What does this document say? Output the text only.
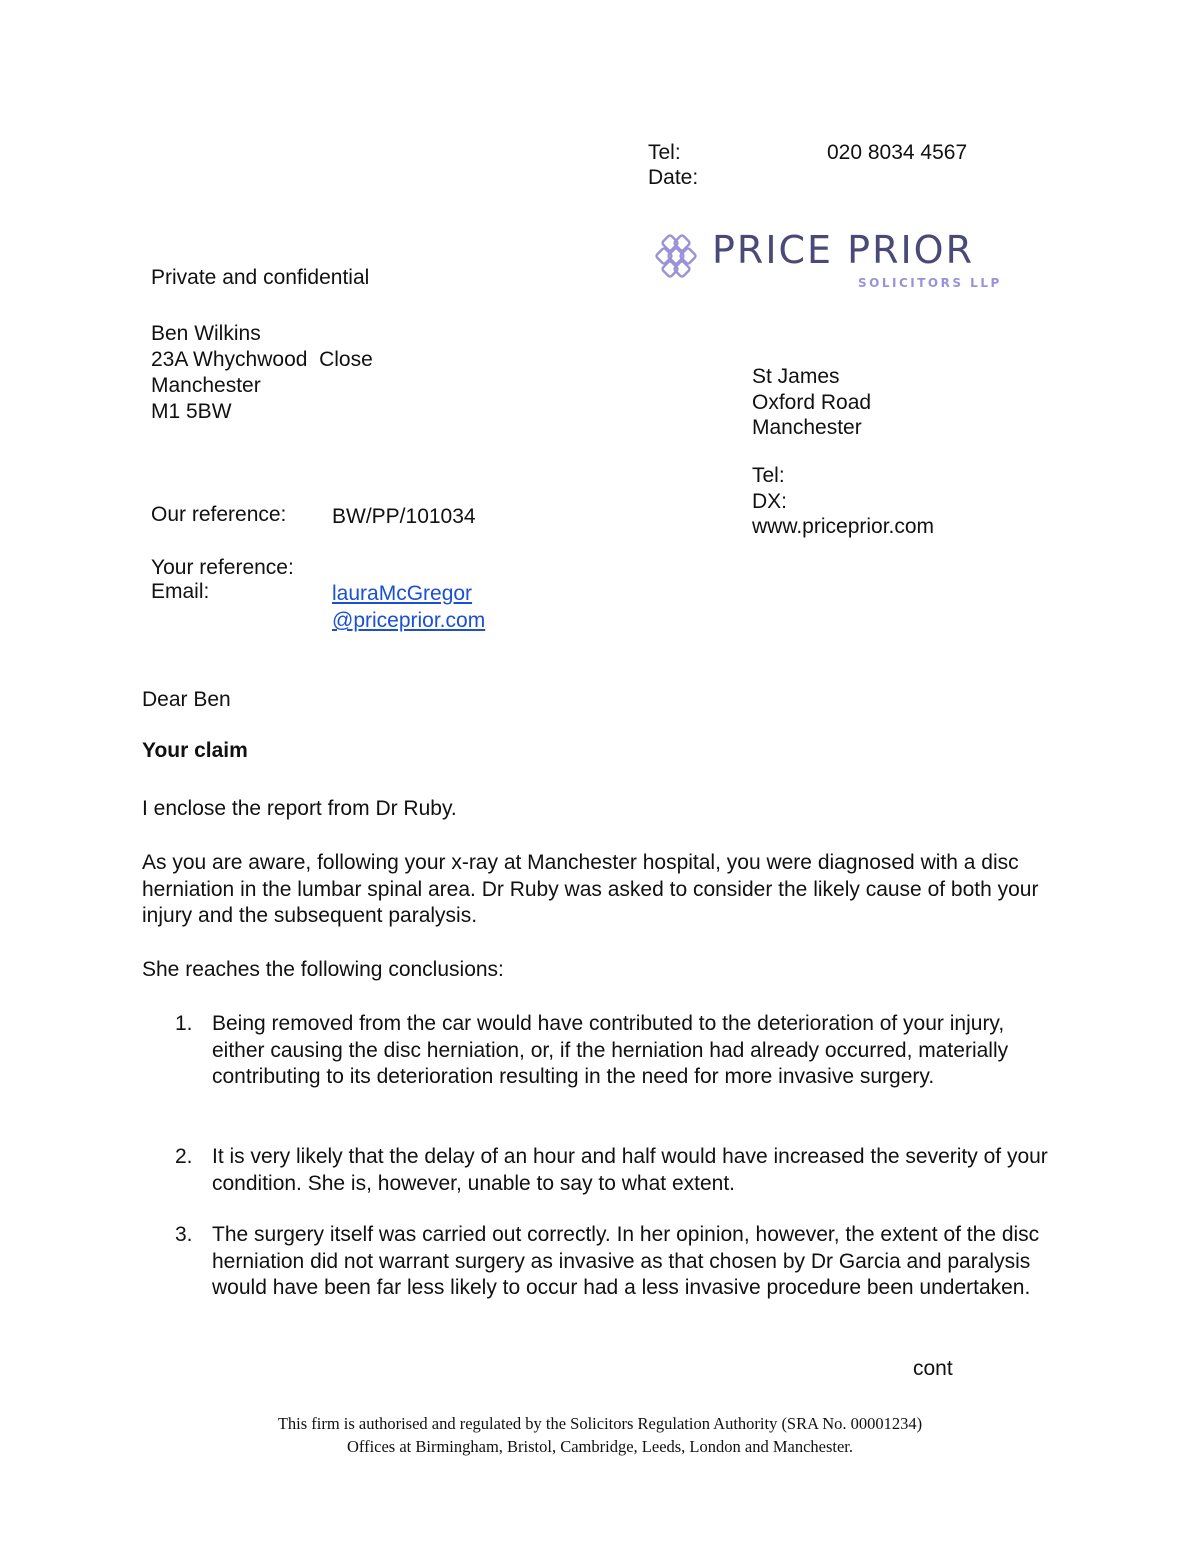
Tel:	020 8034 4567
Date:
PRICE PRIOR
SOLICITORS LLP
Private and confidential
Ben Wilkins
23A Whychwood  Close
Manchester
M1 5BW
St James
Oxford Road
Manchester
Tel:
DX:
www.priceprior.com
Our reference: BW/PP/101034
Your reference:
Email:	lauraMcGregor
@priceprior.com
Dear Ben
Your claim
I enclose the report from Dr Ruby.
As you are aware, following your x-ray at Manchester hospital, you were diagnosed with a disc herniation in the lumbar spinal area. Dr Ruby was asked to consider the likely cause of both your injury and the subsequent paralysis.
She reaches the following conclusions:
1. Being removed from the car would have contributed to the deterioration of your injury, either causing the disc herniation, or, if the herniation had already occurred, materially contributing to its deterioration resulting in the need for more invasive surgery.
2. It is very likely that the delay of an hour and half would have increased the severity of your condition. She is, however, unable to say to what extent.
3. The surgery itself was carried out correctly. In her opinion, however, the extent of the disc herniation did not warrant surgery as invasive as that chosen by Dr Garcia and paralysis would have been far less likely to occur had a less invasive procedure been undertaken.
cont
This firm is authorised and regulated by the Solicitors Regulation Authority (SRA No. 00001234)
Offices at Birmingham, Bristol, Cambridge, Leeds, London and Manchester.
